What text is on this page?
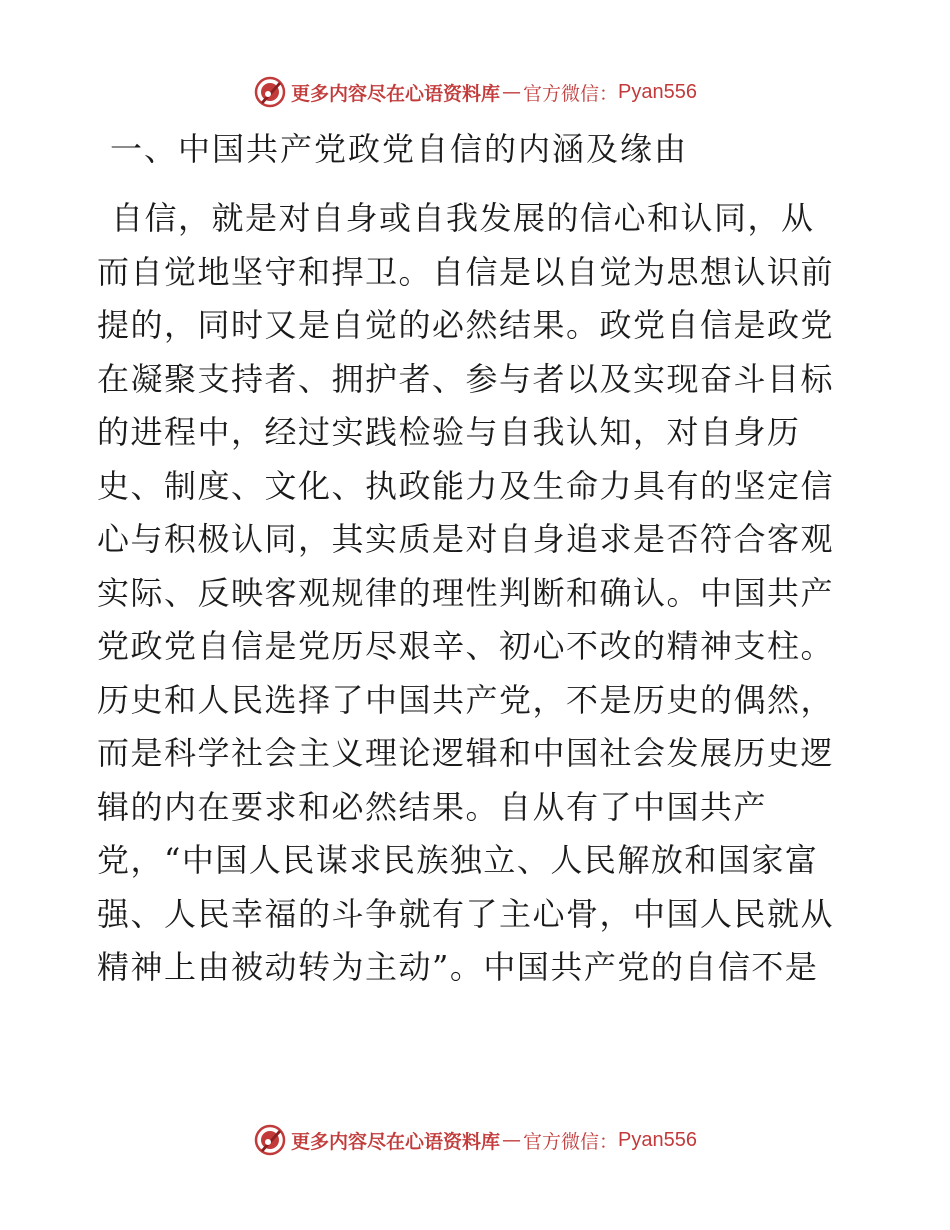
更多内容尽在心语资料库 — 官方微信： Pyan556
一、中国共产党政党自信的内涵及缘由
自信，就是对自身或自我发展的信心和认同，从
而自觉地坚守和捍卫。自信是以自觉为思想认识前
提的，同时又是自觉的必然结果。政党自信是政党
在凝聚支持者、拥护者、参与者以及实现奋斗目标
的进程中，经过实践检验与自我认知，对自身历
史、制度、文化、执政能力及生命力具有的坚定信
心与积极认同，其实质是对自身追求是否符合客观
实际、反映客观规律的理性判断和确认。中国共产
党政党自信是党历尽艰辛、初心不改的精神支柱。
历史和人民选择了中国共产党，不是历史的偶然，
而是科学社会主义理论逻辑和中国社会发展历史逻
辑的内在要求和必然结果。自从有了中国共产
党，“中国人民谋求民族独立、人民解放和国家富
强、人民幸福的斗争就有了主心骨，中国人民就从
精神上由被动转为主动”。中国共产党的自信不是
更多内容尽在心语资料库 — 官方微信： Pyan556
